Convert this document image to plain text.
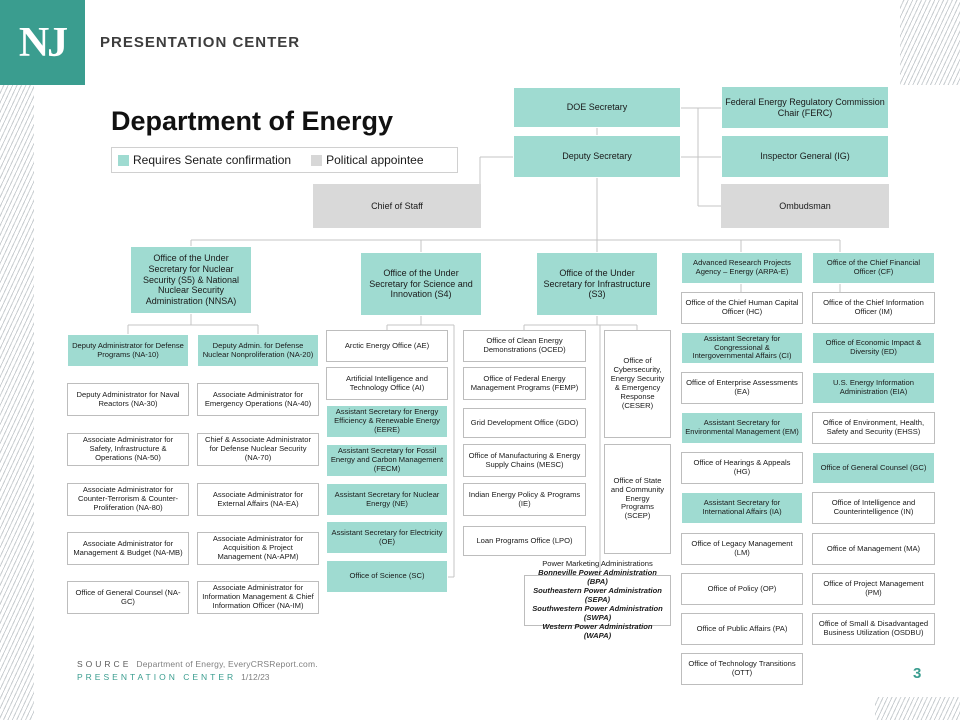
NJ	PRESENTATION CENTER
Department of Energy
Requires Senate confirmation	Political appointee
DOE Secretary
Deputy Secretary
Chief of Staff
Federal Energy Regulatory Commission Chair (FERC)
Inspector General (IG)
Ombudsman
Office of the Under Secretary for Nuclear Security (S5) & National Nuclear Security Administration (NNSA)
Office of the Under Secretary for Science and Innovation (S4)
Office of the Under Secretary for Infrastructure (S3)
Deputy Administrator for Defense Programs (NA-10)
Deputy Administrator for Naval Reactors (NA-30)
Associate Administrator for Safety, Infrastructure & Operations (NA-50)
Associate Administrator for Counter-Terrorism & Counter-Proliferation (NA-80)
Associate Administrator for Management & Budget (NA-MB)
Office of General Counsel (NA-GC)
Deputy Admin. for Defense Nuclear Nonproliferation (NA-20)
Associate Administrator for Emergency Operations (NA-40)
Chief & Associate Administrator for Defense Nuclear Security (NA-70)
Associate Administrator for External Affairs (NA-EA)
Associate Administrator for Acquisition & Project Management (NA-APM)
Associate Administrator for Information Management & Chief Information Officer (NA-IM)
Arctic Energy Office (AE)
Artificial Intelligence and Technology Office (AI)
Assistant Secretary for Energy Efficiency & Renewable Energy (EERE)
Assistant Secretary for Fossil Energy and Carbon Management (FECM)
Assistant Secretary for Nuclear Energy (NE)
Assistant Secretary for Electricity (OE)
Office of Science (SC)
Office of Clean Energy Demonstrations (OCED)
Office of Federal Energy Management Programs (FEMP)
Grid Development Office (GDO)
Office of Manufacturing & Energy Supply Chains (MESC)
Indian Energy Policy & Programs (IE)
Loan Programs Office (LPO)
Office of Cybersecurity, Energy Security & Emergency Response (CESER)
Office of State and Community Energy Programs (SCEP)
Power Marketing Administrations
Bonneville Power Administration (BPA)
Southeastern Power Administration (SEPA)
Southwestern Power Administration (SWPA)
Western Power Administration (WAPA)
Advanced Research Projects Agency – Energy (ARPA-E)
Office of the Chief Human Capital Officer (HC)
Assistant Secretary for Congressional & Intergovernmental Affairs (CI)
Office of Enterprise Assessments (EA)
Assistant Secretary for Environmental Management (EM)
Office of Hearings & Appeals (HG)
Assistant Secretary for International Affairs (IA)
Office of Legacy Management (LM)
Office of Policy (OP)
Office of Public Affairs (PA)
Office of Technology Transitions (OTT)
Office of the Chief Financial Officer (CF)
Office of the Chief Information Officer (IM)
Office of Economic Impact & Diversity (ED)
U.S. Energy Information Administration (EIA)
Office of Environment, Health, Safety and Security (EHSS)
Office of General Counsel (GC)
Office of Intelligence and Counterintelligence (IN)
Office of Management (MA)
Office of Project Management (PM)
Office of Small & Disadvantaged Business Utilization (OSDBU)
SOURCE Department of Energy, EveryCRSReport.com.
PRESENTATION CENTER 1/12/23	3
